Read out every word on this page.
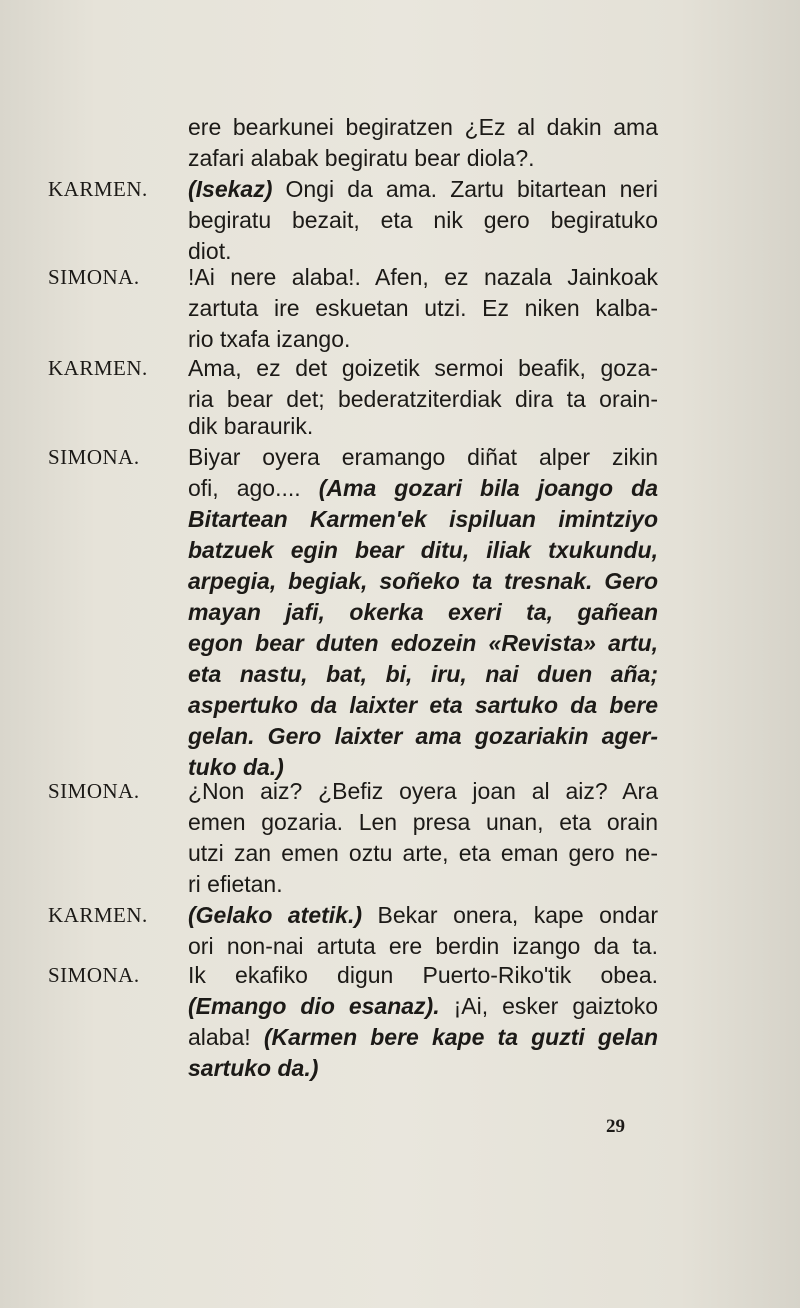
KARMEN.
SIMONA.
KARMEN.
SIMONA.
SIMONA.
KARMEN.
SIMONA.
ere bearkunei begiratzen ¿Ez al dakin ama
zafari alabak begiratu bear diola?.
(Isekaz) Ongi da ama. Zartu bitartean neri
begiratu bezait, eta nik gero begiratuko
diot.
!Ai nere alaba!. Afen, ez nazala Jainkoak
zartuta ire eskuetan utzi. Ez niken kalba-
rio txafa izango.
Ama, ez det goizetik sermoi beafik, goza-
ria bear det; bederatziterdiak dira ta orain-
dik baraurik.
Biyar oyera eramango diñat alper zikin
ofi, ago.... (Ama gozari bila joango da
Bitartean Karmen'ek ispiluan imintziyo
batzuek egin bear ditu, iliak txukundu,
arpegia, begiak, soñeko ta tresnak. Gero
mayan jafi, okerka exeri ta, gañean
egon bear duten edozein «Revista» artu,
eta nastu, bat, bi, iru, nai duen aña;
aspertuko da laixter eta sartuko da bere
gelan. Gero laixter ama gozariakin ager-
tuko da.)
¿Non aiz? ¿Befiz oyera joan al aiz? Ara
emen gozaria. Len presa unan, eta orain
utzi zan emen oztu arte, eta eman gero ne-
ri efietan.
(Gelako atetik.) Bekar onera, kape ondar
ori non-nai artuta ere berdin izango da ta.
Ik ekafiko digun Puerto-Riko'tik obea.
(Emango dio esanaz). ¡Ai, esker gaiztoko
alaba! (Karmen bere kape ta guzti gelan
sartuko da.)
29
